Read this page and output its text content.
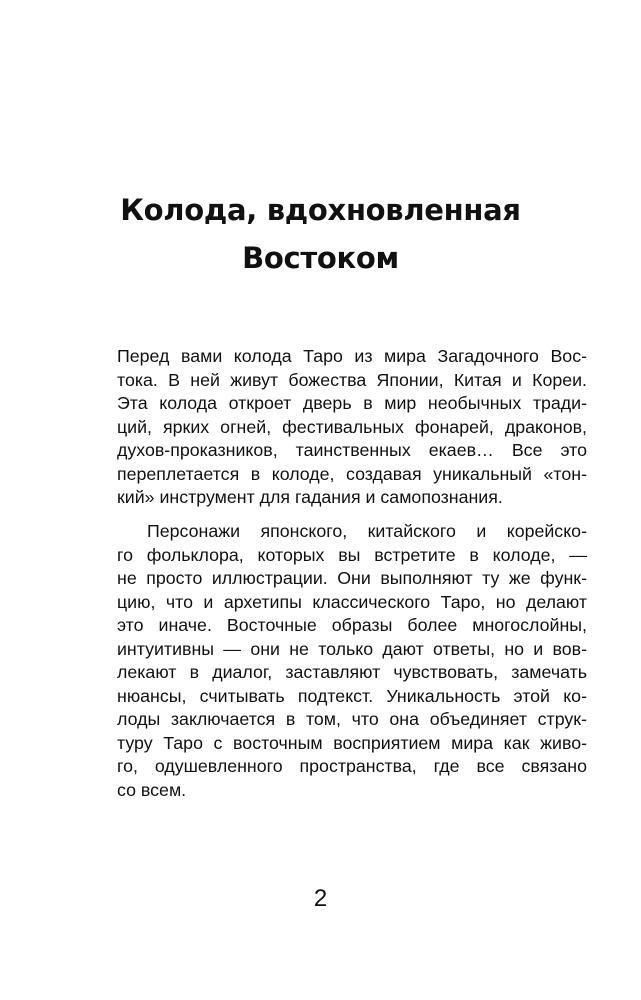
Колода, вдохновленная
Востоком
Перед вами колода Таро из мира Загадочного Вос-
тока. В ней живут божества Японии, Китая и Кореи.
Эта колода откроет дверь в мир необычных тради-
ций, ярких огней, фестивальных фонарей, драконов,
духов-проказников, таинственных екаев… Все это
переплетается в колоде, создавая уникальный «тон-
кий» инструмент для гадания и самопознания.
Персонажи японского, китайского и корейско-
го фольклора, которых вы встретите в колоде, —
не просто иллюстрации. Они выполняют ту же функ-
цию, что и архетипы классического Таро, но делают
это иначе. Восточные образы более многослойны,
интуитивны — они не только дают ответы, но и вов-
лекают в диалог, заставляют чувствовать, замечать
нюансы, считывать подтекст. Уникальность этой ко-
лоды заключается в том, что она объединяет струк-
туру Таро с восточным восприятием мира как живо-
го, одушевленного пространства, где все связано
со всем.
2
